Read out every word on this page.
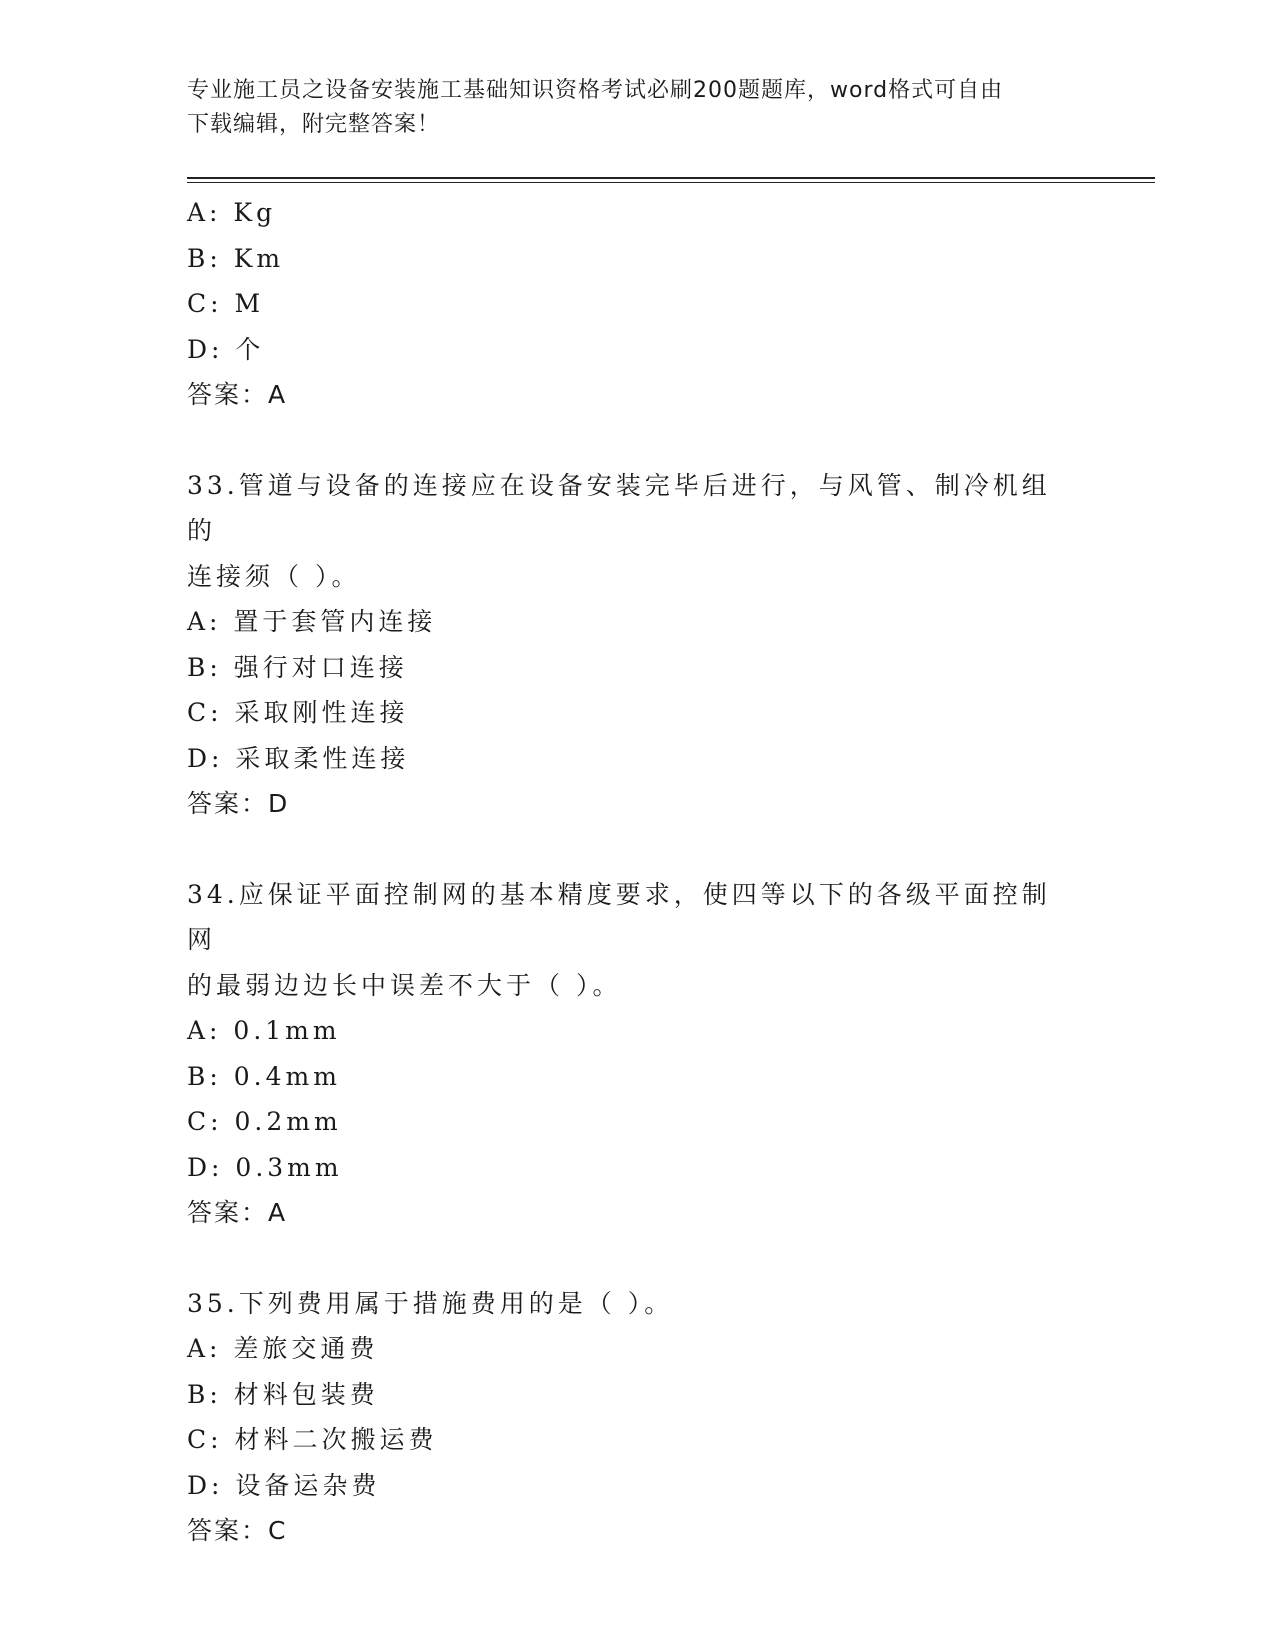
专业施工员之设备安装施工基础知识资格考试必刷200题题库，word格式可自由
下载编辑，附完整答案！
A: Kg
B: Km
C: M
D: 个
答案：A
33.管道与设备的连接应在设备安装完毕后进行，与风管、制冷机组的
连接须（ ）。
A: 置于套管内连接
B: 强行对口连接
C: 采取刚性连接
D: 采取柔性连接
答案：D
34.应保证平面控制网的基本精度要求，使四等以下的各级平面控制网
的最弱边边长中误差不大于（ ）。
A: 0.1mm
B: 0.4mm
C: 0.2mm
D: 0.3mm
答案：A
35.下列费用属于措施费用的是（ ）。
A: 差旅交通费
B: 材料包装费
C: 材料二次搬运费
D: 设备运杂费
答案：C
